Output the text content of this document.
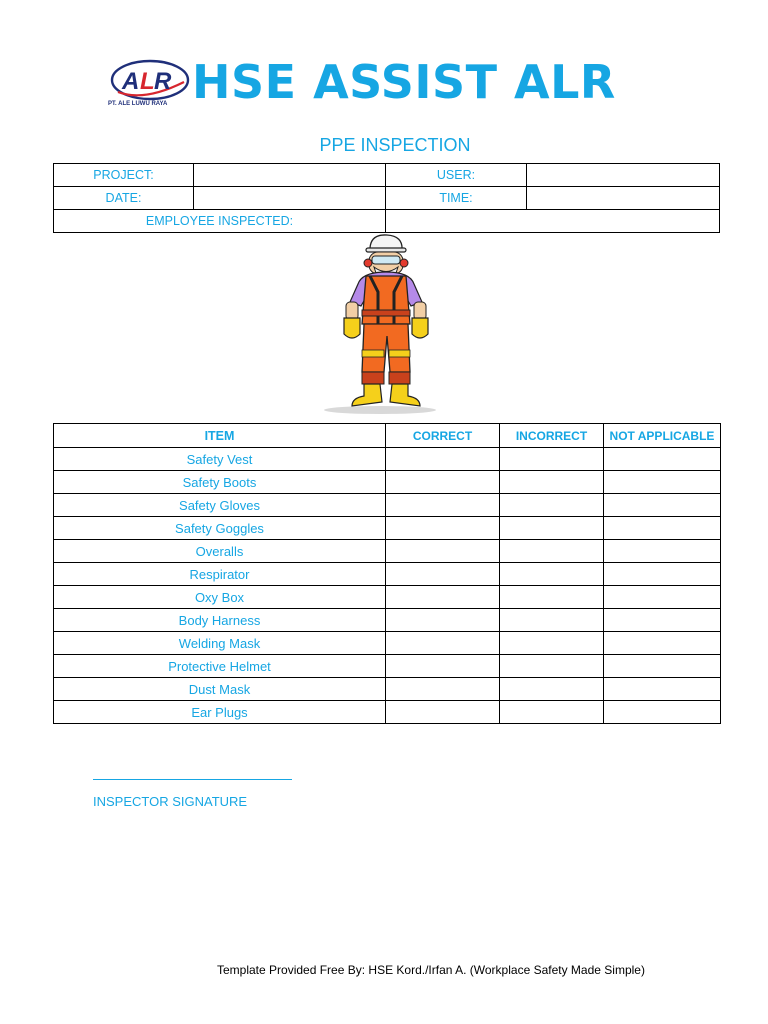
A L R
PT. ALE LUWU RAYA HSE ASSIST ALR
PPE INSPECTION
PROJECT:		USER:	
DATE:		TIME:	
EMPLOYEE INSPECTED:			
ITEM	CORRECT	INCORRECT	NOT APPLICABLE
Safety Vest			
Safety Boots			
Safety Gloves			
Safety Goggles			
Overalls			
Respirator			
Oxy Box			
Body Harness			
Welding Mask			
Protective Helmet			
Dust Mask			
Ear Plugs			
INSPECTOR SIGNATURE
Template Provided Free By: HSE Kord./Irfan A. (Workplace Safety Made Simple)
